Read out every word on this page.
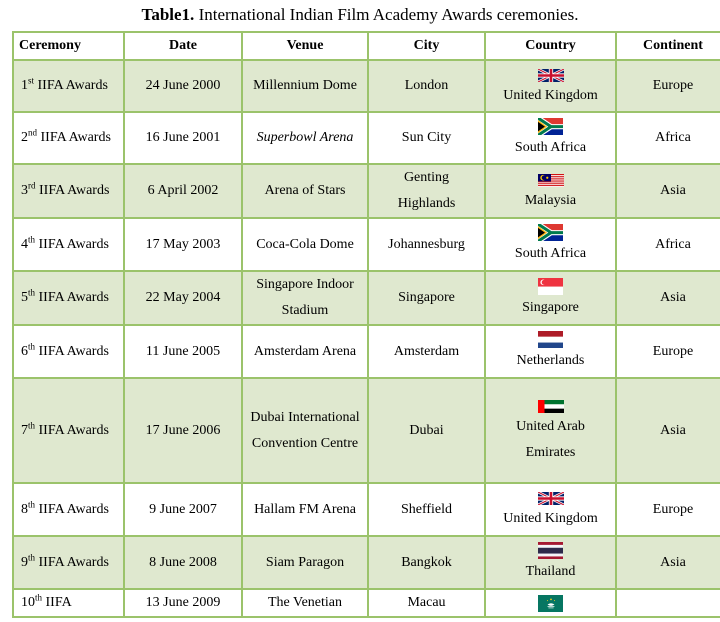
Table1. International Indian Film Academy Awards ceremonies.
Ceremony	Date	Venue	City	Country	Continent
1st IIFA Awards	24 June 2000	Millennium Dome	London	United Kingdom	Europe
2nd IIFA Awards	16 June 2001	Superbowl Arena	Sun City	South Africa	Africa
3rd IIFA Awards	6 April 2002	Arena of Stars	Genting Highlands	Malaysia	Asia
4th IIFA Awards	17 May 2003	Coca-Cola Dome	Johannesburg	South Africa	Africa
5th IIFA Awards	22 May 2004	Singapore Indoor Stadium	Singapore	Singapore	Asia
6th IIFA Awards	11 June 2005	Amsterdam Arena	Amsterdam	Netherlands	Europe
7th IIFA Awards	17 June 2006	Dubai International Convention Centre	Dubai	United Arab Emirates	Asia
8th IIFA Awards	9 June 2007	Hallam FM Arena	Sheffield	United Kingdom	Europe
9th IIFA Awards	8 June 2008	Siam Paragon	Bangkok	Thailand	Asia
10th IIFA	13 June 2009	The Venetian	Macau	
